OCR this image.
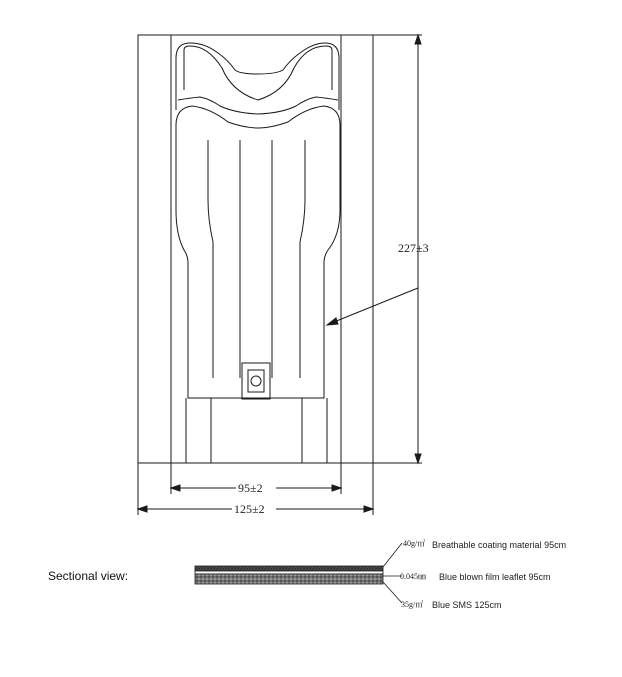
227±3
95±2
125±2
Sectional view:
40g/㎡ Breathable coating material 95cm
0.045㎜ Blue blown film leaflet 95cm
35g/㎡ Blue SMS 125cm
